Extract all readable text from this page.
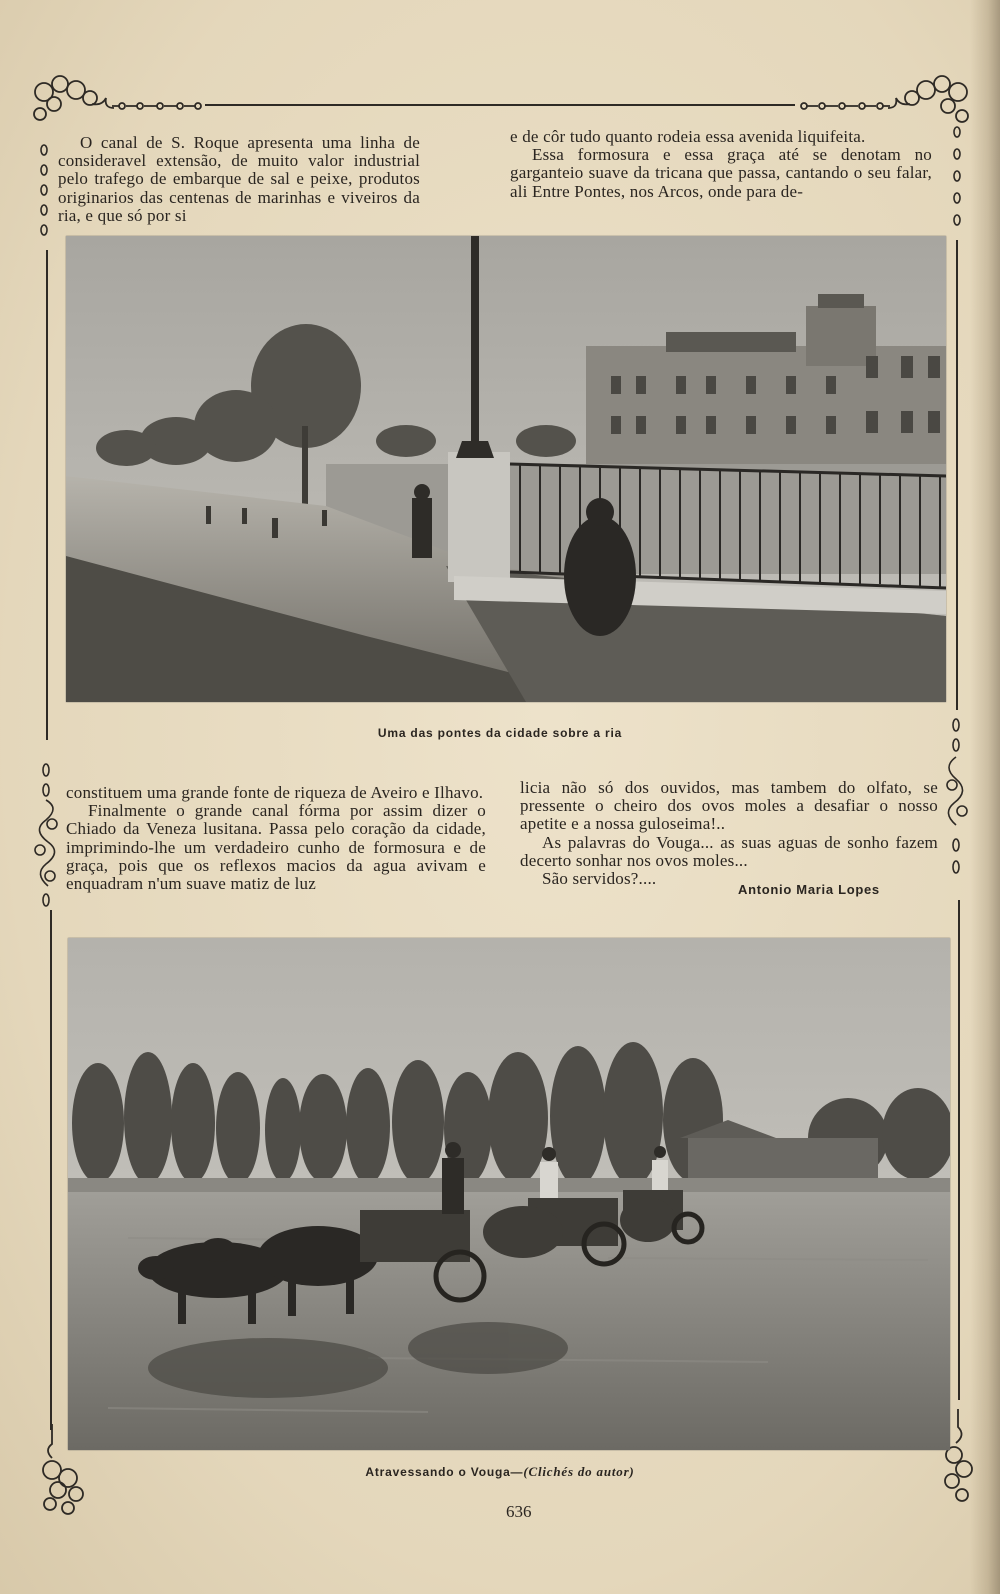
O canal de S. Roque apresenta uma linha de consideravel extensão, de muito valor industrial pelo trafego de embarque de sal e peixe, produtos originarios das centenas de marinhas e viveiros da ria, e que só por si

e de côr tudo quanto rodeia essa avenida liquifeita.

Essa formosura e essa graça até se denotam no garganteio suave da tricana que passa, cantando o seu falar, ali Entre Pontes, nos Arcos, onde para de-

Uma das pontes da cidade sobre a ria

constituem uma grande fonte de riqueza de Aveiro e Ilhavo.

Finalmente o grande canal fórma por assim dizer o Chiado da Veneza lusitana. Passa pelo coração da cidade, imprimindo-lhe um verdadeiro cunho de formosura e de graça, pois que os reflexos macios da agua avivam e enquadram n'um suave matiz de luz

licia não só dos ouvidos, mas tambem do olfato, se pressente o cheiro dos ovos moles a desafiar o nosso apetite e a nossa guloseima!..

As palavras do Vouga... as suas aguas de sonho fazem decerto sonhar nos ovos moles...

São servidos?....

Antonio Maria Lopes
Atravessando o Vouga—(Clichés do autor)
636
